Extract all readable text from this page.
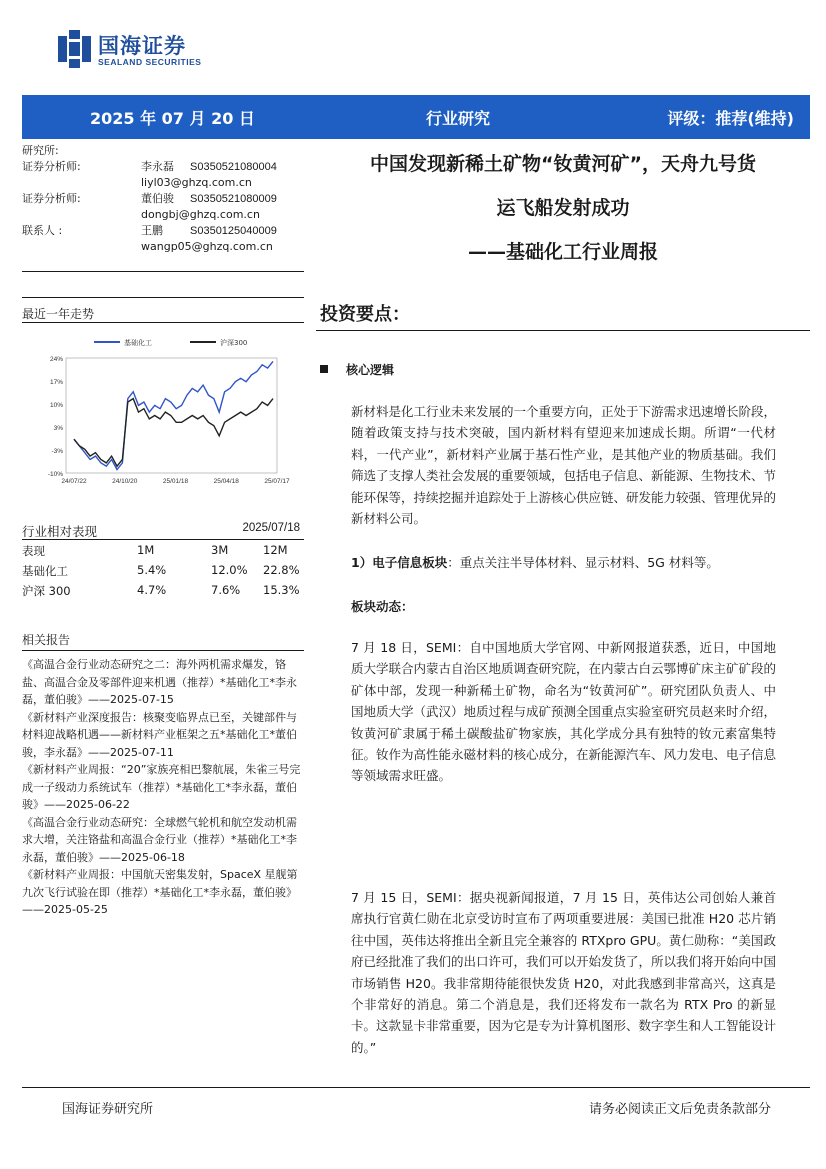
国海证券
SEALAND SECURITIES
2025 年 07 月 20 日	行业研究	评级：推荐(维持)
研究所:
证券分析师:	李永磊 S0350521080004
liyl03@ghzq.com.cn
证券分析师:	董伯骏 S0350521080009
dongbj@ghzq.com.cn
联系人 :	王鹏 S0350125040009
wangp05@ghzq.com.cn
中国发现新稀土矿物“钕黄河矿”，天舟九号货
运飞船发射成功
——基础化工行业周报
最近一年走势
24%
17%
10%
3%
-3%
-10%
24/07/22	24/10/20	25/01/18	25/04/18	25/07/17
基础化工	沪深300
行业相对表现	2025/07/18
表现	1M	3M	12M
基础化工	5.4%	12.0% 22.8%
沪深 300	4.7%	7.6% 15.3%
相关报告
《高温合金行业动态研究之二：海外两机需求爆发，铬盐、高温合金及零部件迎来机遇（推荐）*基础化工*李永磊，董伯骏》——2025-07-15
《新材料产业深度报告：核聚变临界点已至，关键部件与材料迎战略机遇——新材料产业框架之五*基础化工*董伯骏，李永磊》——2025-07-11
《新材料产业周报：“20”家族亮相巴黎航展，朱雀三号完成一子级动力系统试车（推荐）*基础化工*李永磊，董伯骏》——2025-06-22
《高温合金行业动态研究：全球燃气轮机和航空发动机需求大增，关注铬盐和高温合金行业（推荐）*基础化工*李永磊，董伯骏》——2025-06-18
《新材料产业周报：中国航天密集发射，SpaceX 星舰第九次飞行试验在即（推荐）*基础化工*李永磊，董伯骏》——2025-05-25
投资要点：
核心逻辑
新材料是化工行业未来发展的一个重要方向，正处于下游需求迅速增长阶段，随着政策支持与技术突破，国内新材料有望迎来加速成长期。所谓“一代材料，一代产业”，新材料产业属于基石性产业，是其他产业的物质基础。我们筛选了支撑人类社会发展的重要领域，包括电子信息、新能源、生物技术、节能环保等，持续挖掘并追踪处于上游核心供应链、研发能力较强、管理优异的新材料公司。
1）电子信息板块：重点关注半导体材料、显示材料、5G 材料等。
板块动态：
7 月 18 日，SEMI：自中国地质大学官网、中新网报道获悉，近日，中国地质大学联合内蒙古自治区地质调查研究院，在内蒙古白云鄂博矿床主矿矿段的矿体中部，发现一种新稀土矿物，命名为“钕黄河矿”。研究团队负责人、中国地质大学（武汉）地质过程与成矿预测全国重点实验室研究员赵来时介绍，钕黄河矿隶属于稀土碳酸盐矿物家族，其化学成分具有独特的钕元素富集特征。钕作为高性能永磁材料的核心成分，在新能源汽车、风力发电、电子信息等领域需求旺盛。
7 月 15 日，SEMI：据央视新闻报道，7 月 15 日，英伟达公司创始人兼首席执行官黄仁勋在北京受访时宣布了两项重要进展：美国已批准 H20 芯片销往中国，英伟达将推出全新且完全兼容的 RTXpro GPU。黄仁勋称：“美国政府已经批准了我们的出口许可，我们可以开始发货了，所以我们将开始向中国市场销售 H20。我非常期待能很快发货 H20，对此我感到非常高兴，这真是个非常好的消息。第二个消息是，我们还将发布一款名为 RTX Pro 的新显卡。这款显卡非常重要，因为它是专为计算机图形、数字孪生和人工智能设计的。”
国海证券研究所	请务必阅读正文后免责条款部分
